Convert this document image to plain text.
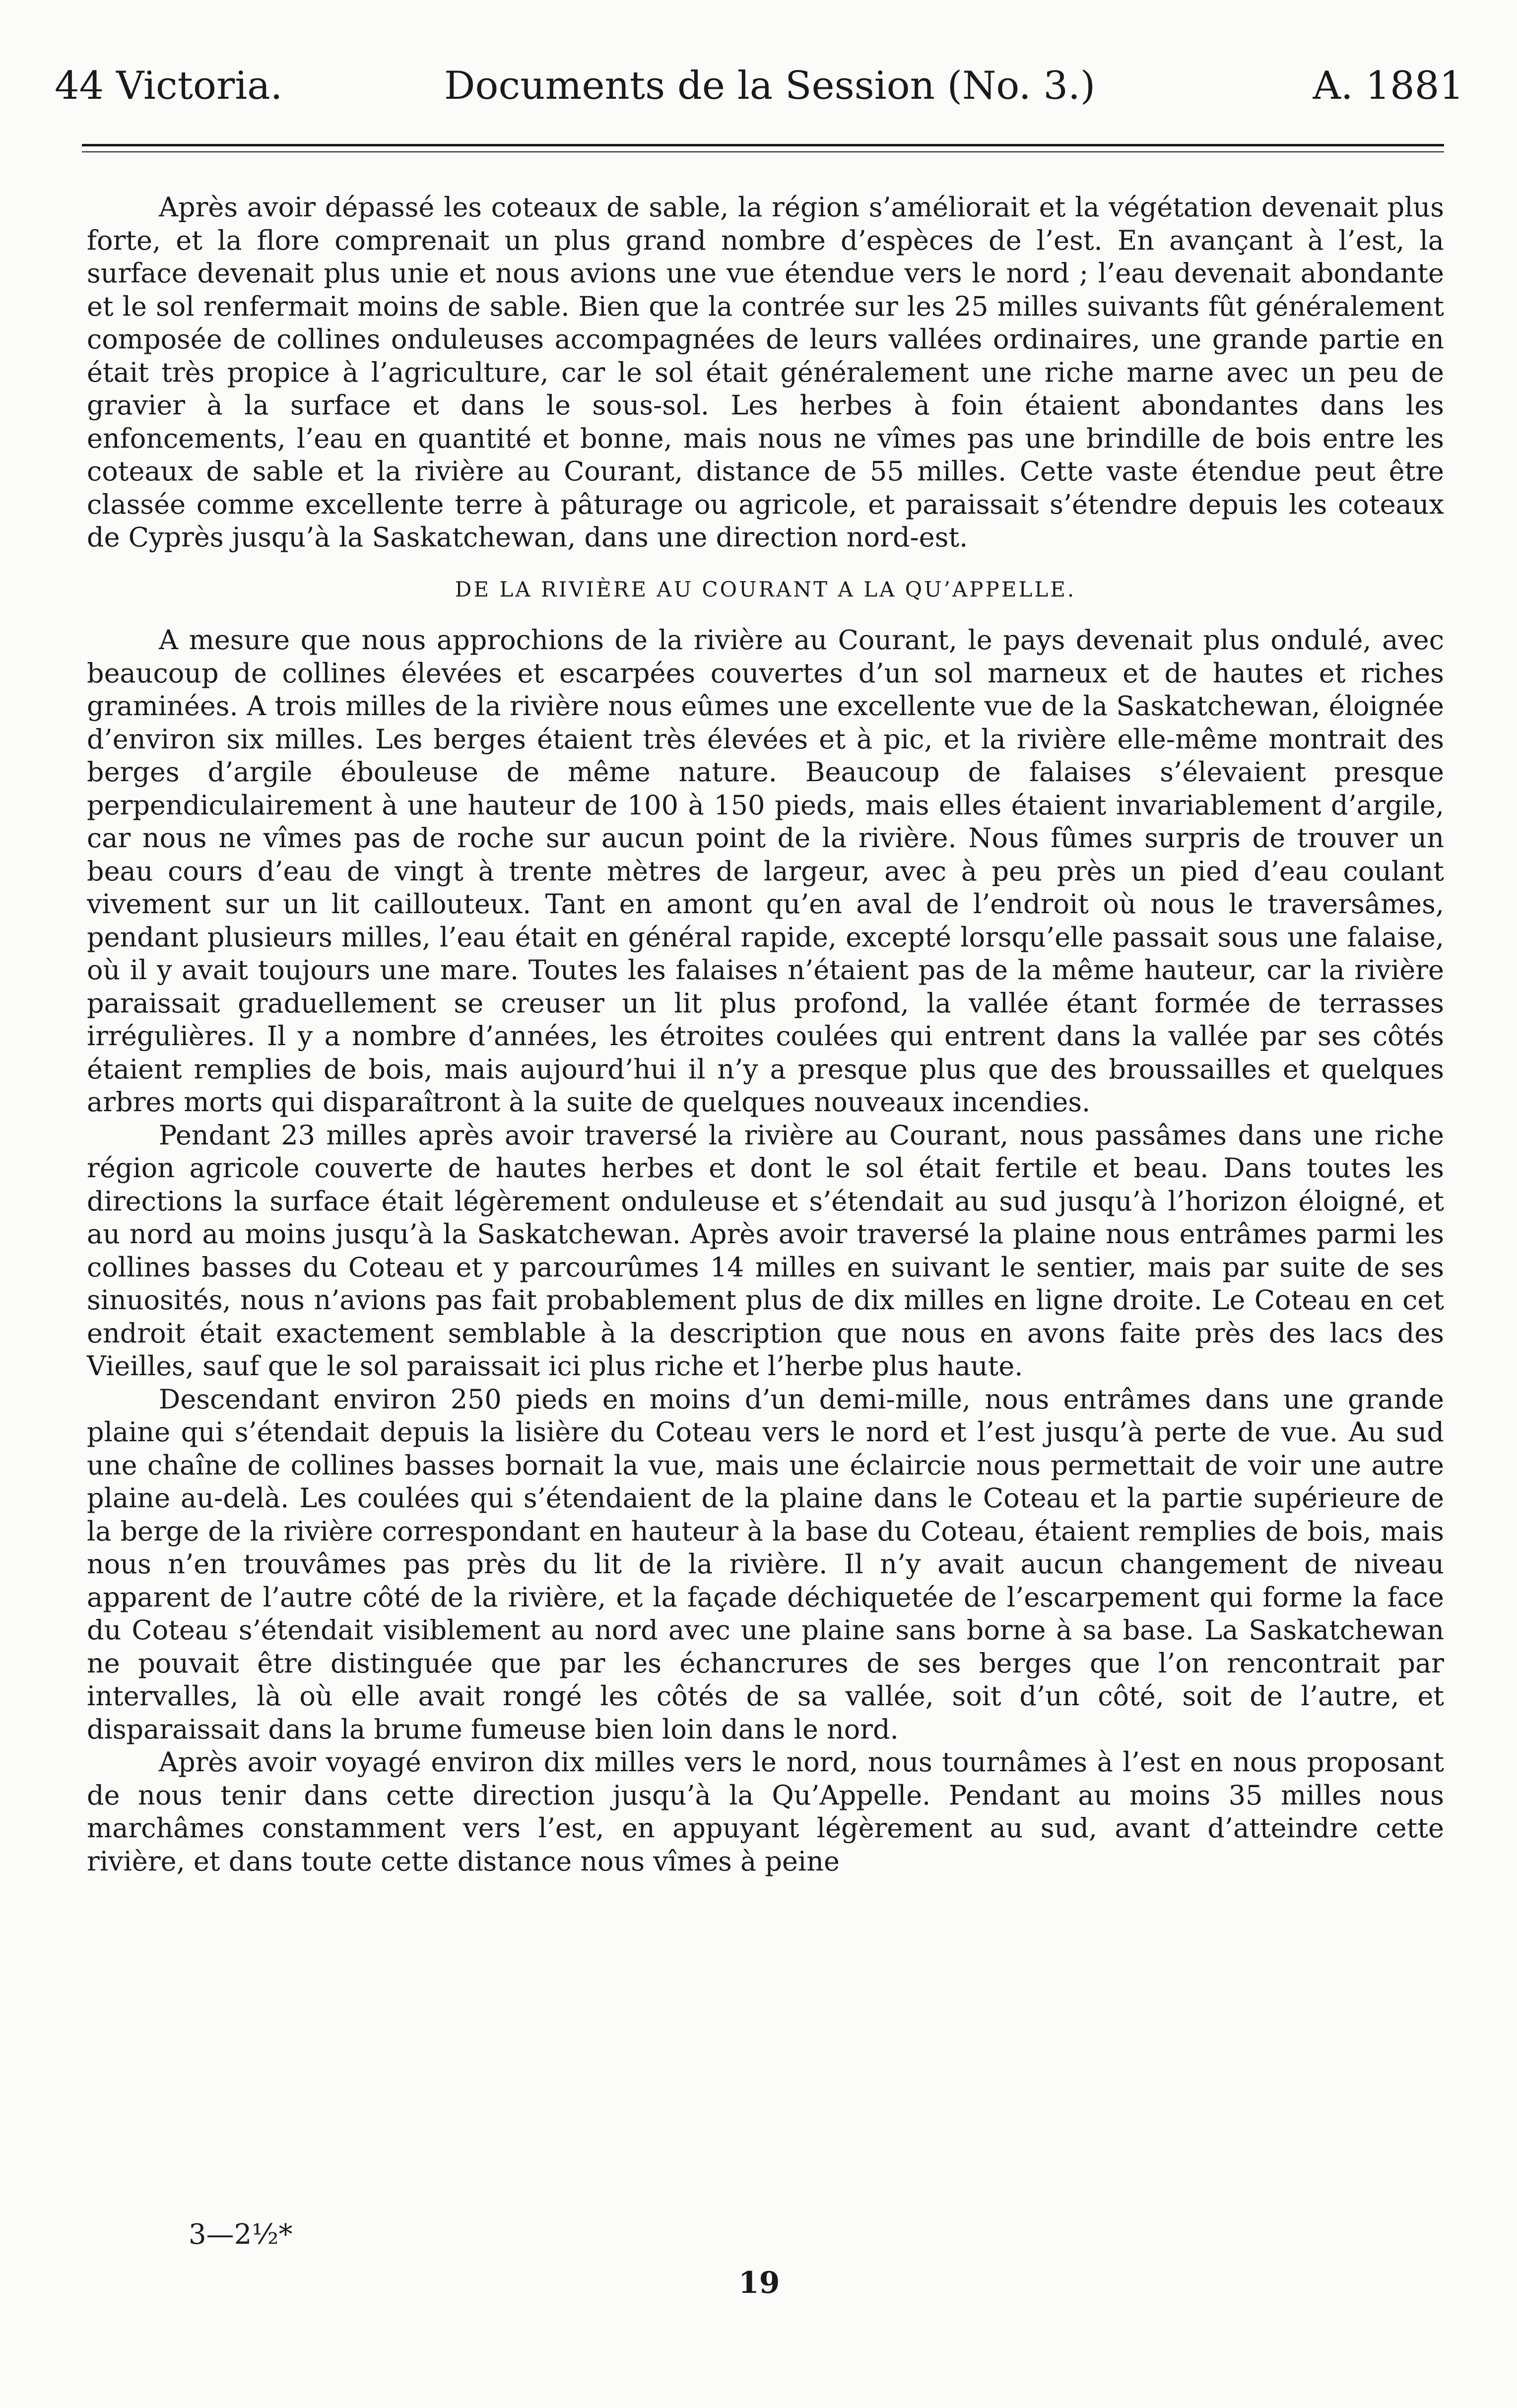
44 Victoria.	Documents de la Session (No. 3.)	A. 1881

Après avoir dépassé les coteaux de sable, la région s’améliorait et la végétation devenait plus forte, et la flore comprenait un plus grand nombre d’espèces de l’est. En avançant à l’est, la surface devenait plus unie et nous avions une vue étendue vers le nord ; l’eau devenait abondante et le sol renfermait moins de sable. Bien que la contrée sur les 25 milles suivants fût généralement composée de collines onduleuses accompagnées de leurs vallées ordinaires, une grande partie en était très propice à l’agriculture, car le sol était généralement une riche marne avec un peu de gravier à la surface et dans le sous-sol. Les herbes à foin étaient abondantes dans les enfoncements, l’eau en quantité et bonne, mais nous ne vîmes pas une brindille de bois entre les coteaux de sable et la rivière au Courant, distance de 55 milles. Cette vaste étendue peut être classée comme excellente terre à pâturage ou agricole, et paraissait s’étendre depuis les coteaux de Cyprès jusqu’à la Saskatchewan, dans une direction nord-est.

DE LA RIVIÈRE AU COURANT A LA QU’APPELLE.

A mesure que nous approchions de la rivière au Courant, le pays devenait plus ondulé, avec beaucoup de collines élevées et escarpées couvertes d’un sol marneux et de hautes et riches graminées. A trois milles de la rivière nous eûmes une excellente vue de la Saskatchewan, éloignée d’environ six milles. Les berges étaient très élevées et à pic, et la rivière elle-même montrait des berges d’argile ébouleuse de même nature. Beaucoup de falaises s’élevaient presque perpendiculairement à une hauteur de 100 à 150 pieds, mais elles étaient invariablement d’argile, car nous ne vîmes pas de roche sur aucun point de la rivière. Nous fûmes surpris de trouver un beau cours d’eau de vingt à trente mètres de largeur, avec à peu près un pied d’eau coulant vivement sur un lit caillouteux. Tant en amont qu’en aval de l’endroit où nous le traversâmes, pendant plusieurs milles, l’eau était en général rapide, excepté lorsqu’elle passait sous une falaise, où il y avait toujours une mare. Toutes les falaises n’étaient pas de la même hauteur, car la rivière paraissait graduellement se creuser un lit plus profond, la vallée étant formée de terrasses irrégulières. Il y a nombre d’années, les étroites coulées qui entrent dans la vallée par ses côtés étaient remplies de bois, mais aujourd’hui il n’y a presque plus que des broussailles et quelques arbres morts qui disparaîtront à la suite de quelques nouveaux incendies.

Pendant 23 milles après avoir traversé la rivière au Courant, nous passâmes dans une riche région agricole couverte de hautes herbes et dont le sol était fertile et beau. Dans toutes les directions la surface était légèrement onduleuse et s’étendait au sud jusqu’à l’horizon éloigné, et au nord au moins jusqu’à la Saskatchewan. Après avoir traversé la plaine nous entrâmes parmi les collines basses du Coteau et y parcourûmes 14 milles en suivant le sentier, mais par suite de ses sinuosités, nous n’avions pas fait probablement plus de dix milles en ligne droite. Le Coteau en cet endroit était exactement semblable à la description que nous en avons faite près des lacs des Vieilles, sauf que le sol paraissait ici plus riche et l’herbe plus haute.

Descendant environ 250 pieds en moins d’un demi-mille, nous entrâmes dans une grande plaine qui s’étendait depuis la lisière du Coteau vers le nord et l’est jusqu’à perte de vue. Au sud une chaîne de collines basses bornait la vue, mais une éclaircie nous permettait de voir une autre plaine au-delà. Les coulées qui s’étendaient de la plaine dans le Coteau et la partie supérieure de la berge de la rivière correspondant en hauteur à la base du Coteau, étaient remplies de bois, mais nous n’en trouvâmes pas près du lit de la rivière. Il n’y avait aucun changement de niveau apparent de l’autre côté de la rivière, et la façade déchiquetée de l’escarpement qui forme la face du Coteau s’étendait visiblement au nord avec une plaine sans borne à sa base. La Saskatchewan ne pouvait être distinguée que par les échancrures de ses berges que l’on rencontrait par intervalles, là où elle avait rongé les côtés de sa vallée, soit d’un côté, soit de l’autre, et disparaissait dans la brume fumeuse bien loin dans le nord.

Après avoir voyagé environ dix milles vers le nord, nous tournâmes à l’est en nous proposant de nous tenir dans cette direction jusqu’à la Qu’Appelle. Pendant au moins 35 milles nous marchâmes constamment vers l’est, en appuyant légèrement au sud, avant d’atteindre cette rivière, et dans toute cette distance nous vîmes à peine

3—2½*
19
